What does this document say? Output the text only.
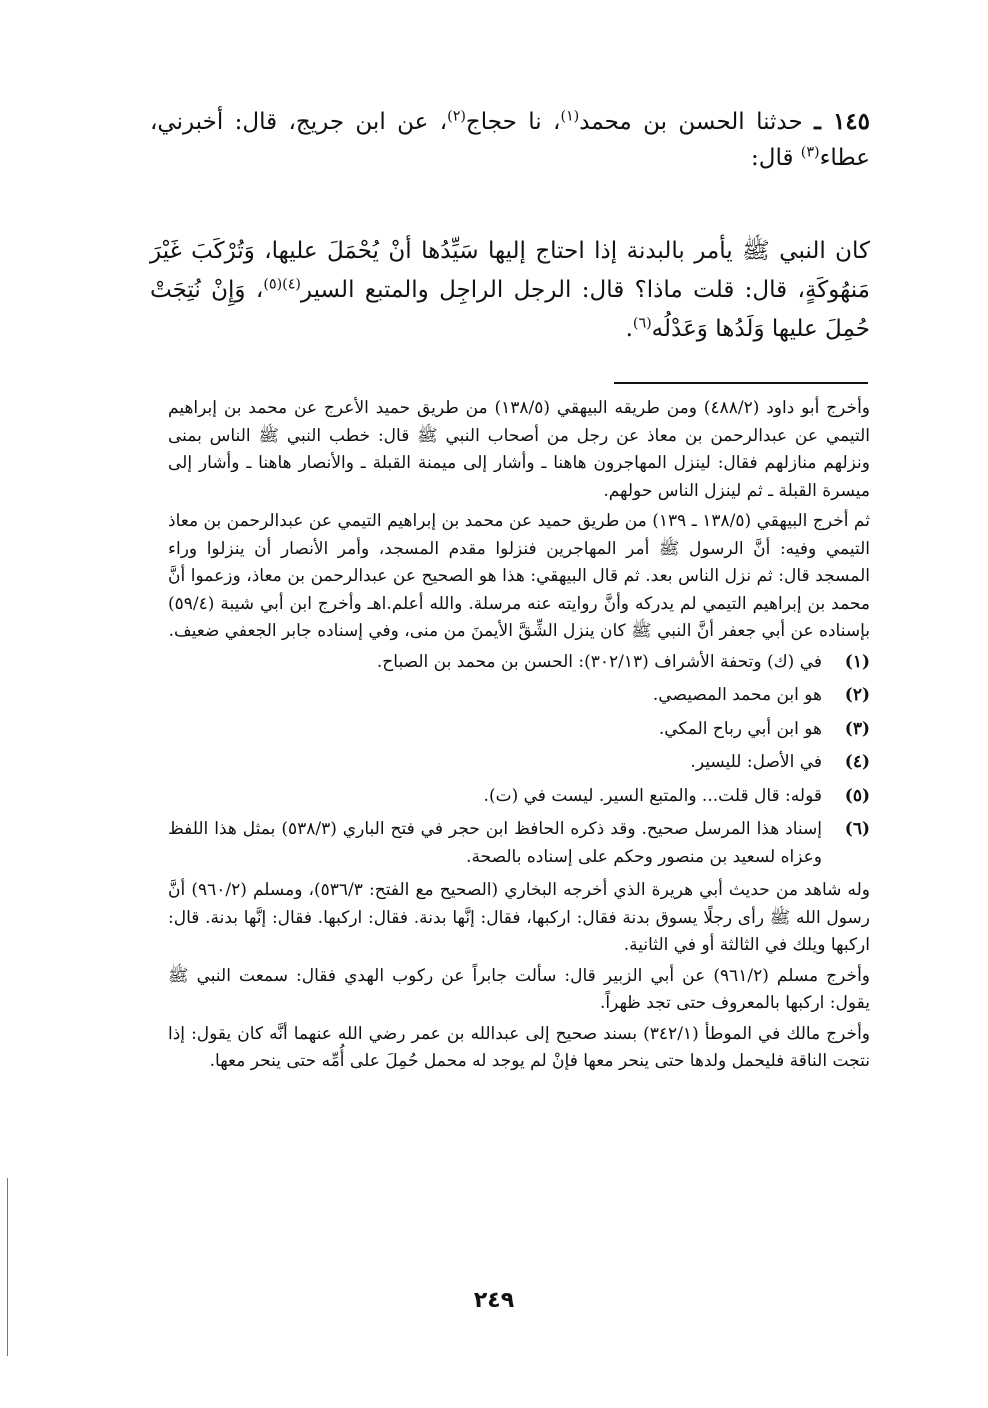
١٤٥ ـ حدثنا الحسن بن محمد$^{(١)}$، نا حجاج$^{(٢)}$، عن ابن جريج، قال: أخبرني، عطاء$^{(٣)}$ قال:
كان النبي ﷺ يأمر بالبدنة إذا احتاج إليها سَيِّدُها أنْ يُحْمَلَ عليها، وَتُرْكَبَ غَيْرَ مَنهُوكَةٍ، قال: قلت ماذا؟ قال: الرجل الراجِل والمتبع السير$^{(٤)(٥)}$، وَإِنْ نُتِجَتْ حُمِلَ عليها وَلَدُها وَعَدْلُه$^{(٦)}$.

وأخرج أبو داود (٤٨٨/٢) ومن طريقه البيهقي (١٣٨/٥) من طريق حميد الأعرج عن محمد بن إبراهيم التيمي عن عبدالرحمن بن معاذ عن رجل من أصحاب النبي ﷺ قال: خطب النبي ﷺ الناس بمنى ونزلهم منازلهم فقال: لينزل المهاجرون هاهنا ـ وأشار إلى ميمنة القبلة ـ والأنصار هاهنا ـ وأشار إلى ميسرة القبلة ـ ثم لينزل الناس حولهم.

ثم أخرج البيهقي (١٣٨/٥ ـ ١٣٩) من طريق حميد عن محمد بن إبراهيم التيمي عن عبدالرحمن بن معاذ التيمي وفيه: أنَّ الرسول ﷺ أمر المهاجرين فنزلوا مقدم المسجد، وأمر الأنصار أن ينزلوا وراء المسجد قال: ثم نزل الناس بعد. ثم قال البيهقي: هذا هو الصحيح عن عبدالرحمن بن معاذ، وزعموا أنَّ محمد بن إبراهيم التيمي لم يدركه وأنَّ روايته عنه مرسلة. والله أعلم.اهـ وأخرج ابن أبي شيبة (٥٩/٤) بإسناده عن أبي جعفر أنَّ النبي ﷺ كان ينزل الشِّقَّ الأيمنَ من منى، وفي إسناده جابر الجعفي ضعيف.

(١)
في (ك) وتحفة الأشراف (٣٠٢/١٣): الحسن بن محمد بن الصباح.
(٢)
هو ابن محمد المصيصي.
(٣)
هو ابن أبي رباح المكي.
(٤)
في الأصل: لليسير.
(٥)
قوله: قال قلت... والمتبع السير. ليست في (ت).
(٦)
إسناد هذا المرسل صحيح. وقد ذكره الحافظ ابن حجر في فتح الباري (٥٣٨/٣) بمثل هذا اللفظ وعزاه لسعيد بن منصور وحكم على إسناده بالصحة.

وله شاهد من حديث أبي هريرة الذي أخرجه البخاري (الصحيح مع الفتح: ٥٣٦/٣)، ومسلم (٩٦٠/٢) أنَّ رسول الله ﷺ رأى رجلًا يسوق بدنة فقال: اركبها، فقال: إنَّها بدنة. فقال: اركبها. فقال: إنَّها بدنة. قال: اركبها ويلك في الثالثة أو في الثانية.

وأخرج مسلم (٩٦١/٢) عن أبي الزبير قال: سألت جابراً عن ركوب الهدي فقال: سمعت النبي ﷺ يقول: اركبها بالمعروف حتى تجد ظهراً.

وأخرج مالك في الموطأ (٣٤٢/١) بسند صحيح إلى عبدالله بن عمر رضي الله عنهما أنَّه كان يقول: إذا نتجت الناقة فليحمل ولدها حتى ينحر معها فإنْ لم يوجد له محمل حُمِلَ على أُمِّه حتى ينحر معها.

٢٤٩
